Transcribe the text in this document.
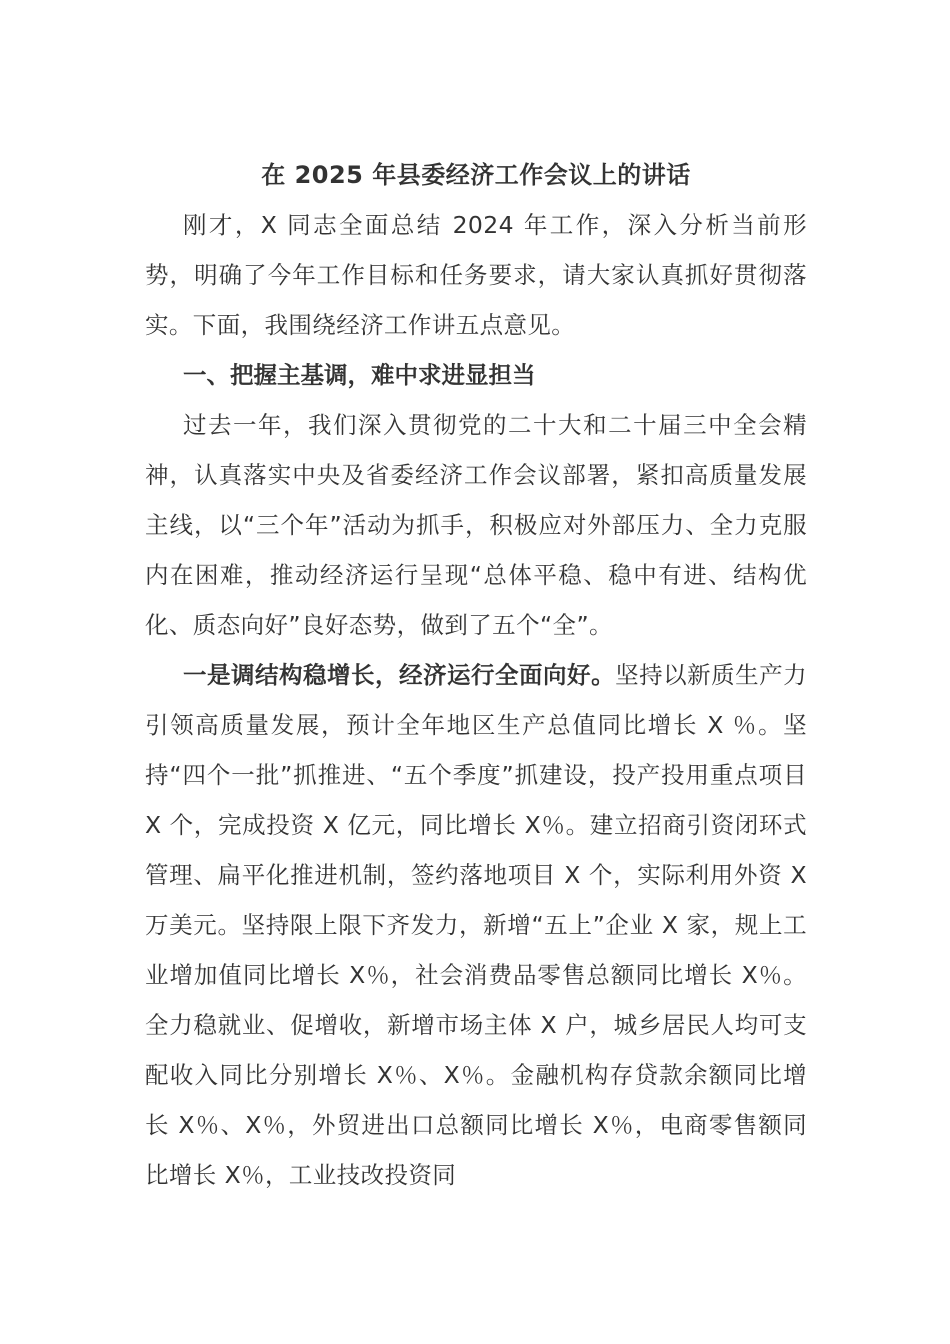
在 2025 年县委经济工作会议上的讲话

刚才，X 同志全面总结 2024 年工作，深入分析当前形势，明确了今年工作目标和任务要求，请大家认真抓好贯彻落实。下面，我围绕经济工作讲五点意见。

一、把握主基调，难中求进显担当

过去一年，我们深入贯彻党的二十大和二十届三中全会精神，认真落实中央及省委经济工作会议部署，紧扣高质量发展主线，以“三个年”活动为抓手，积极应对外部压力、全力克服内在困难，推动经济运行呈现“总体平稳、稳中有进、结构优化、质态向好”良好态势，做到了五个“全”。

一是调结构稳增长，经济运行全面向好。坚持以新质生产力引领高质量发展，预计全年地区生产总值同比增长 X ％。坚持“四个一批”抓推进、“五个季度”抓建设，投产投用重点项目 X 个，完成投资 X 亿元，同比增长 X％。建立招商引资闭环式管理、扁平化推进机制，签约落地项目 X 个，实际利用外资 X 万美元。坚持限上限下齐发力，新增“五上”企业 X 家，规上工业增加值同比增长 X％，社会消费品零售总额同比增长 X％。全力稳就业、促增收，新增市场主体 X 户，城乡居民人均可支配收入同比分别增长 X％、X％。金融机构存贷款余额同比增长 X％、X％，外贸进出口总额同比增长 X％，电商零售额同比增长 X％，工业技改投资同
